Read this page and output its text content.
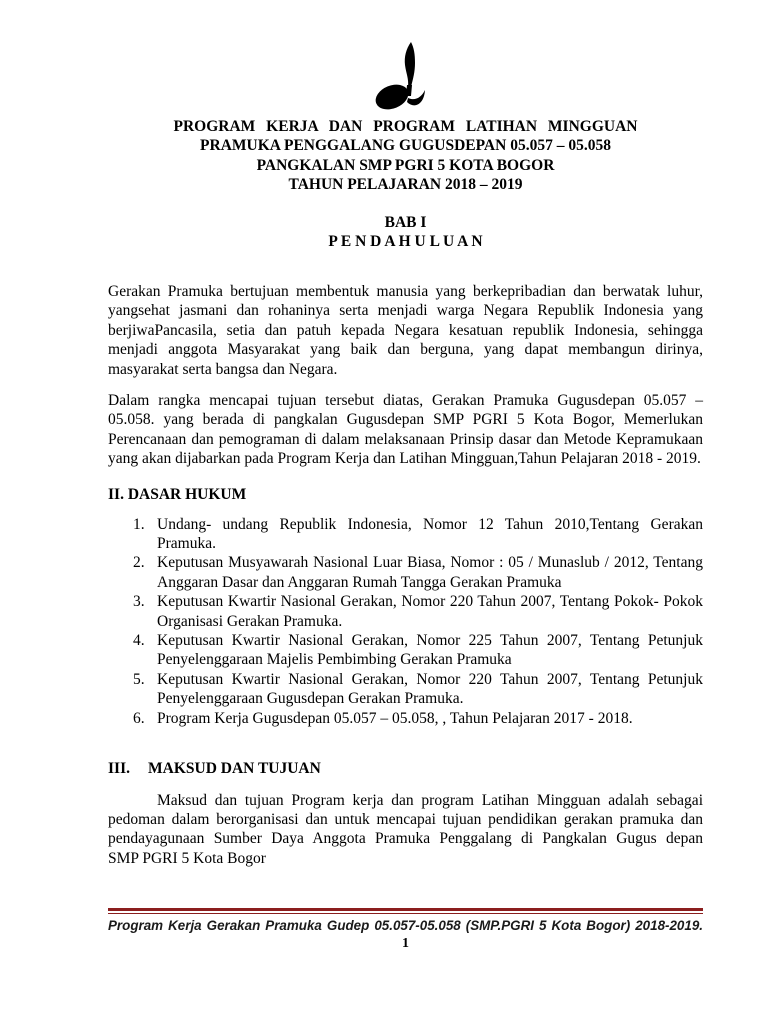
PROGRAM KERJA DAN PROGRAM LATIHAN MINGGUAN
PRAMUKA PENGGALANG GUGUSDEPAN 05.057 – 05.058
PANGKALAN SMP PGRI 5 KOTA BOGOR
TAHUN PELAJARAN 2018 – 2019
BAB I
P E N D A H U L U A N
Gerakan Pramuka bertujuan membentuk manusia yang berkepribadian dan berwatak luhur,
yangsehat jasmani dan rohaninya serta menjadi warga Negara Republik Indonesia yang
berjiwaPancasila, setia dan patuh kepada Negara kesatuan republik Indonesia, sehingga
menjadi anggota Masyarakat yang baik dan berguna, yang dapat membangun dirinya,
masyarakat serta bangsa dan Negara.
Dalam rangka mencapai tujuan tersebut diatas, Gerakan Pramuka Gugusdepan 05.057 –
05.058. yang berada di pangkalan Gugusdepan SMP PGRI 5 Kota Bogor, Memerlukan
Perencanaan dan pemograman di dalam melaksanaan Prinsip dasar dan Metode Kepramukaan
yang akan dijabarkan pada Program Kerja dan Latihan Mingguan,Tahun Pelajaran 2018 - 2019.
II. DASAR HUKUM
1. Undang- undang Republik Indonesia, Nomor 12 Tahun 2010,Tentang Gerakan
Pramuka.
2. Keputusan Musyawarah Nasional Luar Biasa, Nomor : 05 / Munaslub / 2012, Tentang
Anggaran Dasar dan Anggaran Rumah Tangga Gerakan Pramuka
3. Keputusan Kwartir Nasional Gerakan, Nomor 220 Tahun 2007, Tentang Pokok- Pokok
Organisasi Gerakan Pramuka.
4. Keputusan Kwartir Nasional Gerakan, Nomor 225 Tahun 2007, Tentang Petunjuk
Penyelenggaraan Majelis Pembimbing Gerakan Pramuka
5. Keputusan Kwartir Nasional Gerakan, Nomor 220 Tahun 2007, Tentang Petunjuk
Penyelenggaraan Gugusdepan Gerakan Pramuka.
6. Program Kerja Gugusdepan 05.057 – 05.058, , Tahun Pelajaran 2017 - 2018.
III. MAKSUD DAN TUJUAN
Maksud dan tujuan Program kerja dan program Latihan Mingguan adalah sebagai
pedoman dalam berorganisasi dan untuk mencapai tujuan pendidikan gerakan pramuka dan
pendayagunaan Sumber Daya Anggota Pramuka Penggalang di Pangkalan Gugus depan
SMP PGRI 5 Kota Bogor
Program Kerja Gerakan Pramuka Gudep 05.057-05.058 (SMP.PGRI 5 Kota Bogor) 2018-2019.
1
